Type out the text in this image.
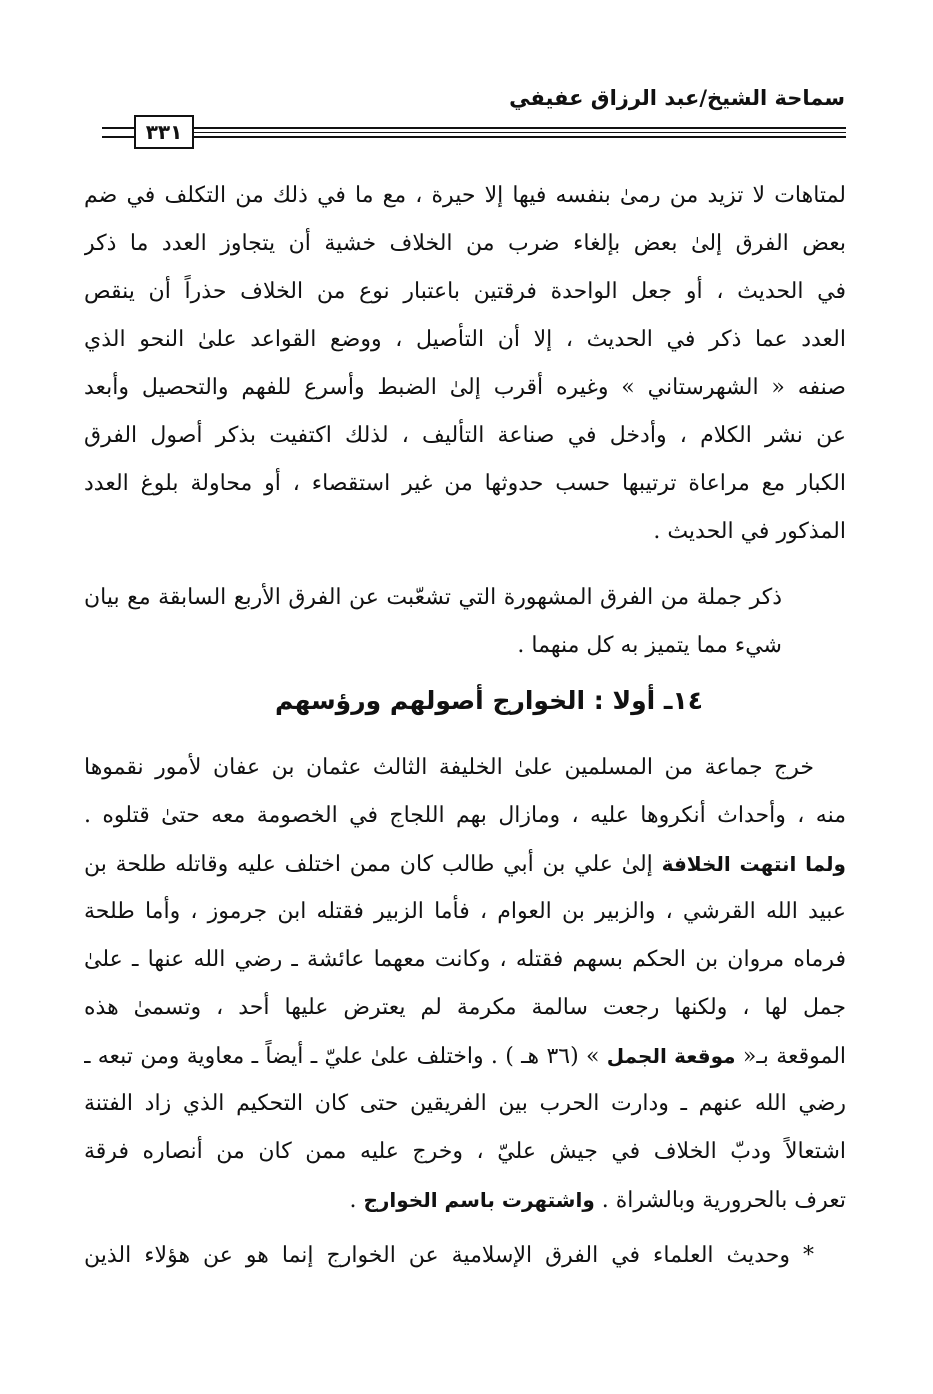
سماحة الشيخ/عبد الرزاق عفيفي
٣٣١
لمتاهات لا تزيد من رمىٰ بنفسه فيها إلا حيرة ، مع ما في ذلك من التكلف في ضم
بعض الفرق إلىٰ بعض بإلغاء ضرب من الخلاف خشية أن يتجاوز العدد ما ذكر
في الحديث ، أو جعل الواحدة فرقتين باعتبار نوع من الخلاف حذراً أن ينقص
العدد عما ذكر في الحديث ، إلا أن التأصيل ، ووضع القواعد علىٰ النحو الذي
صنفه « الشهرستاني » وغيره أقرب إلىٰ الضبط وأسرع للفهم والتحصيل وأبعد
عن نشر الكلام ، وأدخل في صناعة التأليف ، لذلك اكتفيت بذكر أصول الفرق
الكبار مع مراعاة ترتيبها حسب حدوثها من غير استقصاء ، أو محاولة بلوغ العدد
المذكور في الحديث .
ذكر جملة من الفرق المشهورة التي تشعّبت عن الفرق الأربع السابقة مع بيان
شيء مما يتميز به كل منهما .
١٤ـ أولا : الخوارج أصولهم ورؤسهم
خرج جماعة من المسلمين علىٰ الخليفة الثالث عثمان بن عفان لأمور نقموها
منه ، وأحداث أنكروها عليه ، ومازال بهم اللجاج في الخصومة معه حتىٰ قتلوه .
ولما انتهت الخلافة إلىٰ علي بن أبي طالب كان ممن اختلف عليه وقاتله طلحة بن
عبيد الله القرشي ، والزبير بن العوام ، فأما الزبير فقتله ابن جرموز ، وأما طلحة
فرماه مروان بن الحكم بسهم فقتله ، وكانت معهما عائشة ـ رضي الله عنها ـ علىٰ
جمل لها ، ولكنها رجعت سالمة مكرمة لم يعترض عليها أحد ، وتسمىٰ هذه
الموقعة بـ« موقعة الجمل » (٣٦ هـ ) . واختلف علىٰ عليّ ـ أيضاً ـ معاوية ومن تبعه ـ
رضي الله عنهم ـ ودارت الحرب بين الفريقين حتى كان التحكيم الذي زاد الفتنة
اشتعالاً ودبّ الخلاف في جيش عليّ ، وخرج عليه ممن كان من أنصاره فرقة
تعرف بالحرورية وبالشراة . واشتهرت باسم الخوارج .
* وحديث العلماء في الفرق الإسلامية عن الخوارج إنما هو عن هؤلاء الذين
